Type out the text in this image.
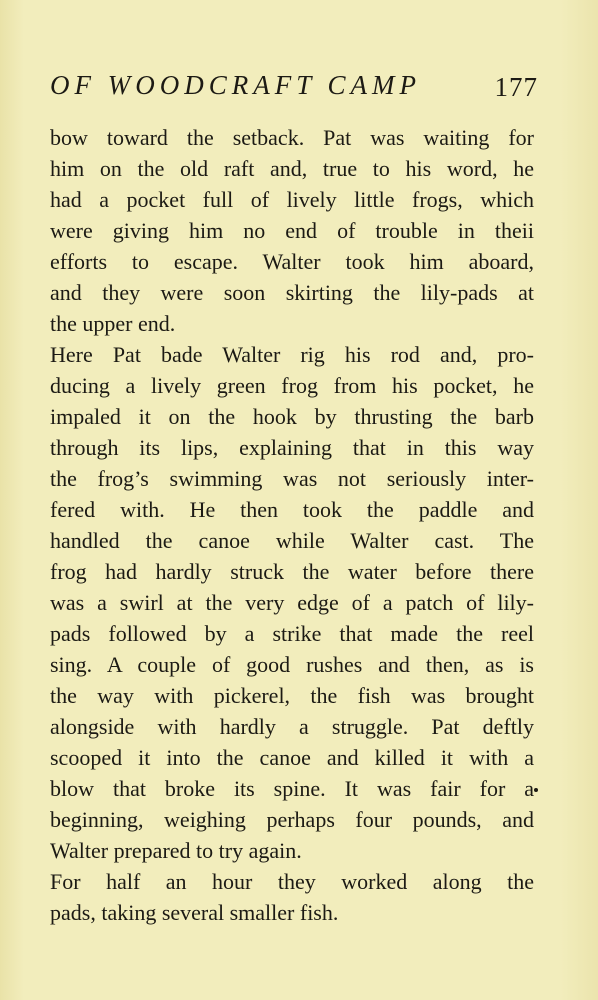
OF WOODCRAFT CAMP	177
bow toward the setback. Pat was waiting for
him on the old raft and, true to his word, he
had a pocket full of lively little frogs, which
were giving him no end of trouble in theii
efforts to escape. Walter took him aboard,
and they were soon skirting the lily-pads at
the upper end.
Here Pat bade Walter rig his rod and, pro-
ducing a lively green frog from his pocket, he
impaled it on the hook by thrusting the barb
through its lips, explaining that in this way
the frog’s swimming was not seriously inter-
fered with. He then took the paddle and
handled the canoe while Walter cast. The
frog had hardly struck the water before there
was a swirl at the very edge of a patch of lily-
pads followed by a strike that made the reel
sing. A couple of good rushes and then, as is
the way with pickerel, the fish was brought
alongside with hardly a struggle. Pat deftly
scooped it into the canoe and killed it with a
blow that broke its spine. It was fair for a
beginning, weighing perhaps four pounds, and
Walter prepared to try again.
For half an hour they worked along the
pads, taking several smaller fish.
